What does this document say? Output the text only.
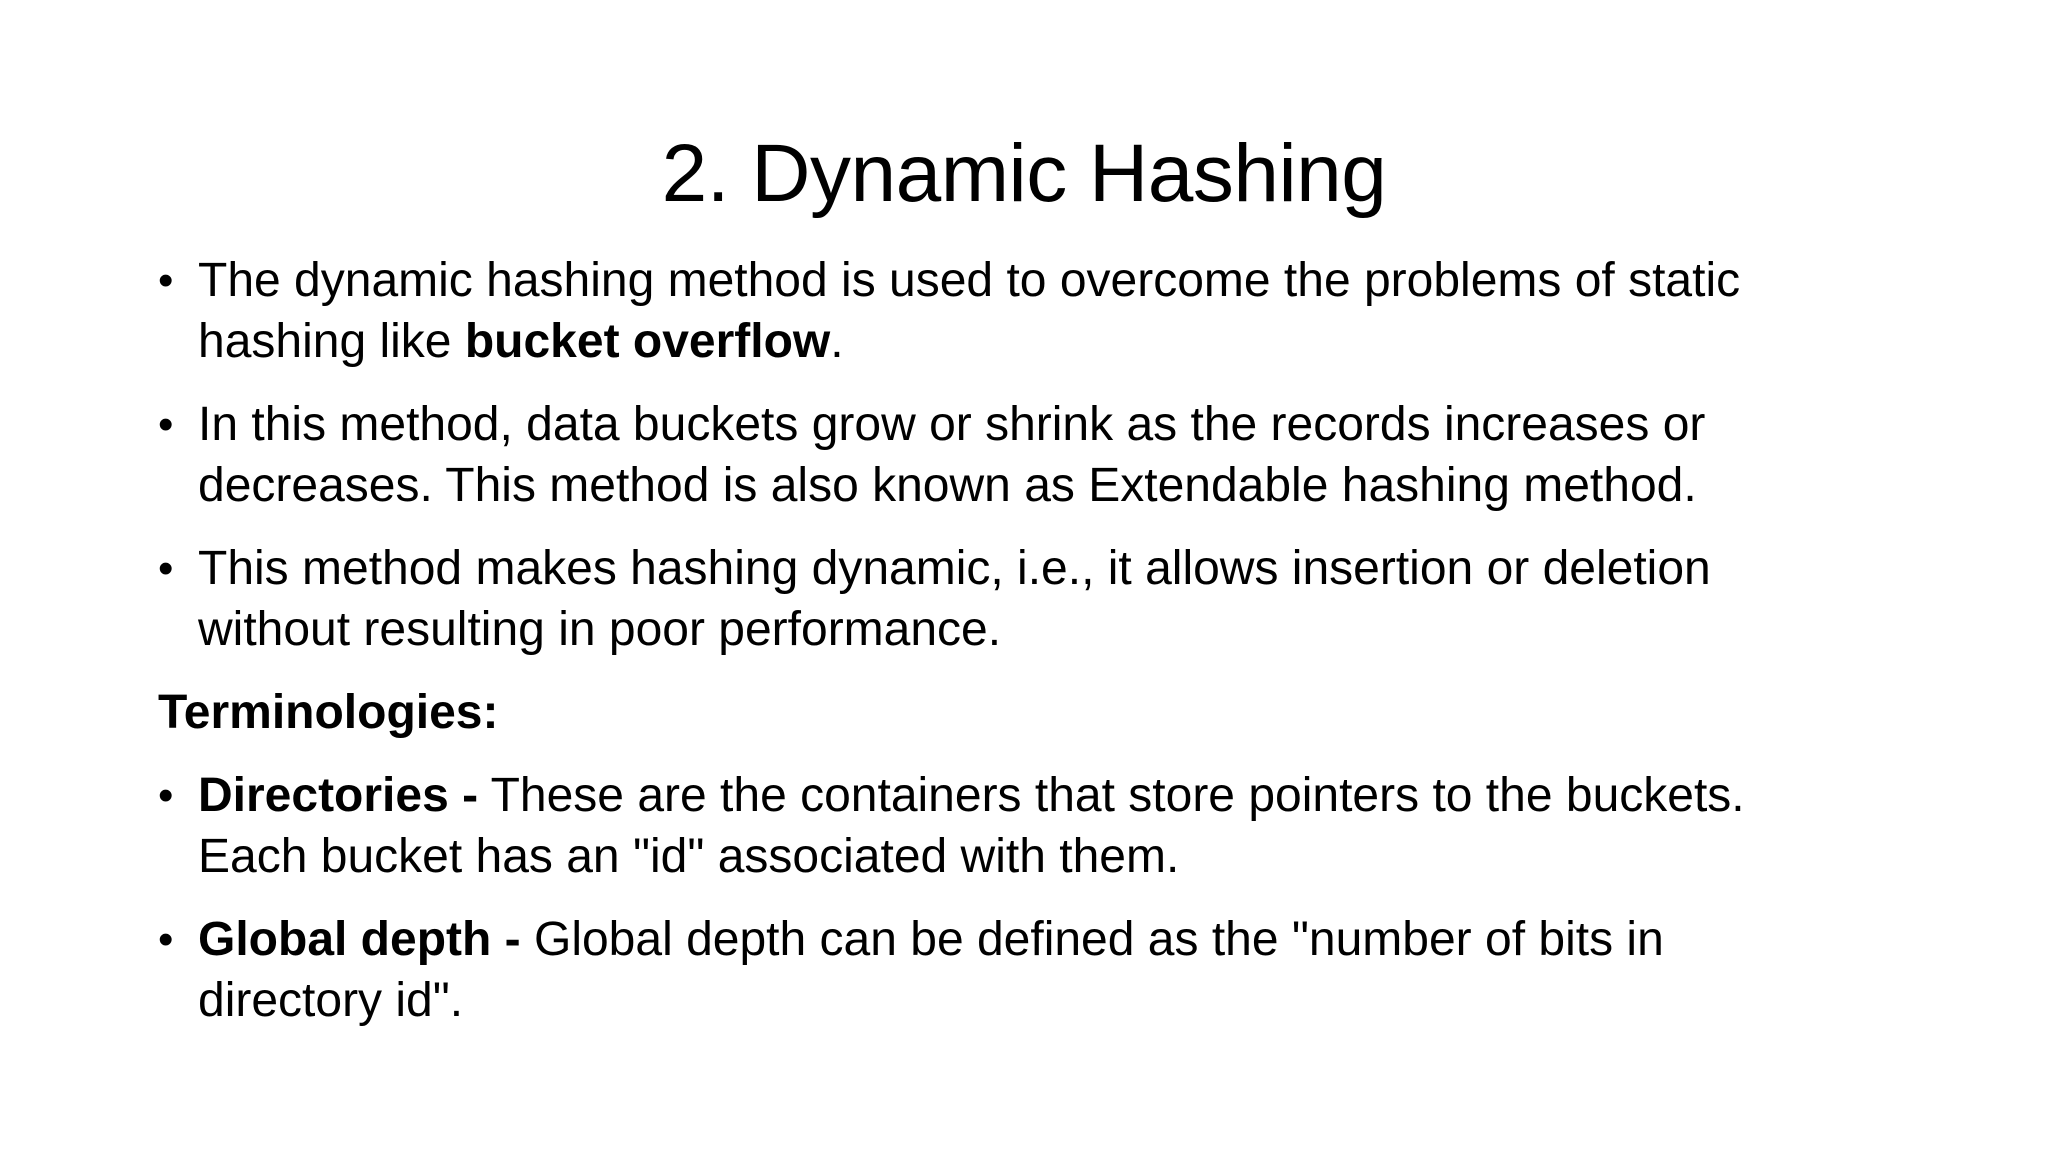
2. Dynamic Hashing
• The dynamic hashing method is used to overcome the problems of static
hashing like bucket overflow.
• In this method, data buckets grow or shrink as the records increases or
decreases. This method is also known as Extendable hashing method.
• This method makes hashing dynamic, i.e., it allows insertion or deletion
without resulting in poor performance.
Terminologies:
• Directories - These are the containers that store pointers to the buckets.
Each bucket has an "id" associated with them.
• Global depth - Global depth can be defined as the "number of bits in
directory id".
